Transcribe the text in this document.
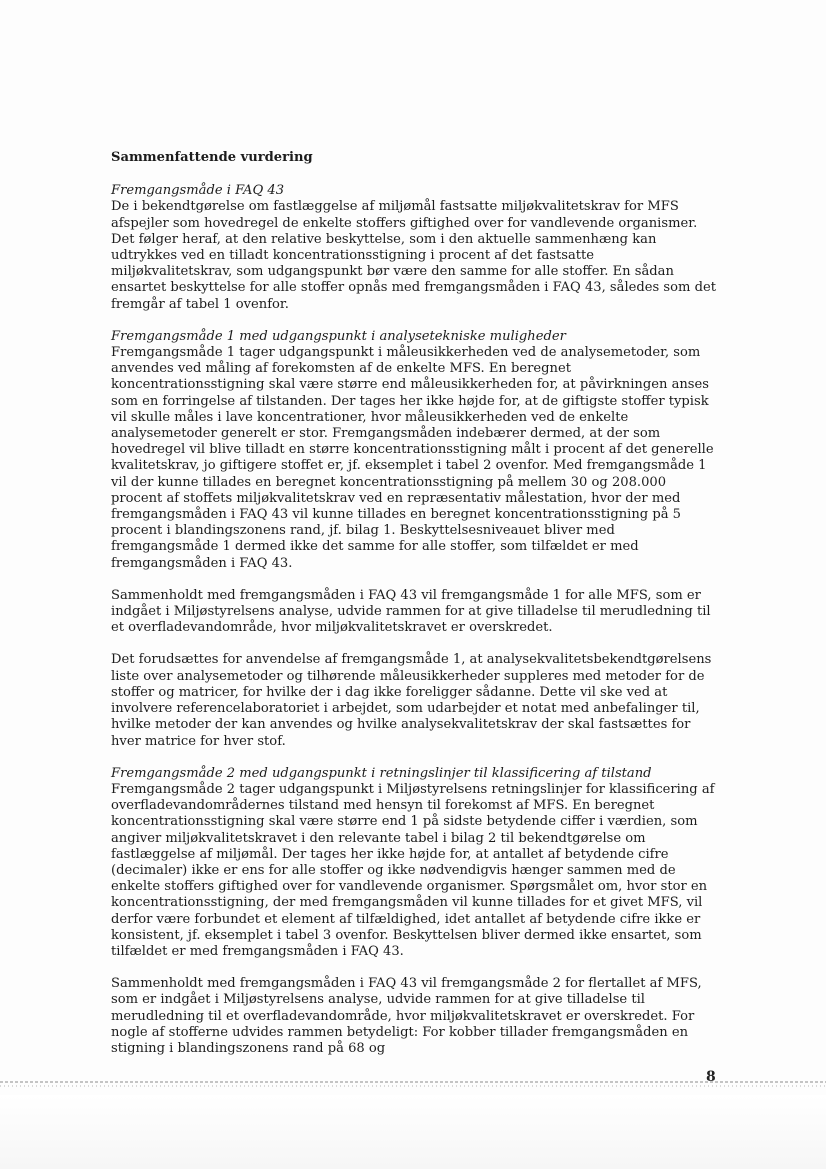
Sammenfattende vurdering
Fremgangsmåde i FAQ 43
De i bekendtgørelse om fastlæggelse af miljømål fastsatte miljøkvalitetskrav for MFS afspejler som hovedregel de enkelte stoffers giftighed over for vandlevende organismer. Det følger heraf, at den relative beskyttelse, som i den aktuelle sammenhæng kan udtrykkes ved en tilladt koncentrationsstigning i procent af det fastsatte miljøkvalitetskrav, som udgangspunkt bør være den samme for alle stoffer. En sådan ensartet beskyttelse for alle stoffer opnås med fremgangsmåden i FAQ 43, således som det fremgår af tabel 1 ovenfor.
Fremgangsmåde 1 med udgangspunkt i analysetekniske muligheder
Fremgangsmåde 1 tager udgangspunkt i måleusikkerheden ved de analysemetoder, som anvendes ved måling af forekomsten af de enkelte MFS. En beregnet koncentrationsstigning skal være større end måleusikkerheden for, at påvirkningen anses som en forringelse af tilstanden. Der tages her ikke højde for, at de giftigste stoffer typisk vil skulle måles i lave koncentrationer, hvor måleusikkerheden ved de enkelte analysemetoder generelt er stor. Fremgangsmåden indebærer dermed, at der som hovedregel vil blive tilladt en større koncentrationsstigning målt i procent af det generelle kvalitetskrav, jo giftigere stoffet er, jf. eksemplet i tabel 2 ovenfor. Med fremgangsmåde 1 vil der kunne tillades en beregnet koncentrationsstigning på mellem 30 og 208.000 procent af stoffets miljøkvalitetskrav ved en repræsentativ målestation, hvor der med fremgangsmåden i FAQ 43 vil kunne tillades en beregnet koncentrationsstigning på 5 procent i blandingszonens rand, jf. bilag 1. Beskyttelsesniveauet bliver med fremgangsmåde 1 dermed ikke det samme for alle stoffer, som tilfældet er med fremgangsmåden i FAQ 43.
Sammenholdt med fremgangsmåden i FAQ 43 vil fremgangsmåde 1 for alle MFS, som er indgået i Miljøstyrelsens analyse, udvide rammen for at give tilladelse til merudledning til et overfladevandområde, hvor miljøkvalitetskravet er overskredet.
Det forudsættes for anvendelse af fremgangsmåde 1, at analysekvalitetsbekendtgørelsens liste over analysemetoder og tilhørende måleusikkerheder suppleres med metoder for de stoffer og matricer, for hvilke der i dag ikke foreligger sådanne. Dette vil ske ved at involvere referencelaboratoriet i arbejdet, som udarbejder et notat med anbefalinger til, hvilke metoder der kan anvendes og hvilke analysekvalitetskrav der skal fastsættes for hver matrice for hver stof.
Fremgangsmåde 2 med udgangspunkt i retningslinjer til klassificering af tilstand
Fremgangsmåde 2 tager udgangspunkt i Miljøstyrelsens retningslinjer for klassificering af overfladevandområdernes tilstand med hensyn til forekomst af MFS. En beregnet koncentrationsstigning skal være større end 1 på sidste betydende ciffer i værdien, som angiver miljøkvalitetskravet i den relevante tabel i bilag 2 til bekendtgørelse om fastlæggelse af miljømål. Der tages her ikke højde for, at antallet af betydende cifre (decimaler) ikke er ens for alle stoffer og ikke nødvendigvis hænger sammen med de enkelte stoffers giftighed over for vandlevende organismer. Spørgsmålet om, hvor stor en koncentrationsstigning, der med fremgangsmåden vil kunne tillades for et givet MFS, vil derfor være forbundet et element af tilfældighed, idet antallet af betydende cifre ikke er konsistent, jf. eksemplet i tabel 3 ovenfor. Beskyttelsen bliver dermed ikke ensartet, som tilfældet er med fremgangsmåden i FAQ 43.
Sammenholdt med fremgangsmåden i FAQ 43 vil fremgangsmåde 2 for flertallet af MFS, som er indgået i Miljøstyrelsens analyse, udvide rammen for at give tilladelse til merudledning til et overfladevandområde, hvor miljøkvalitetskravet er overskredet. For nogle af stofferne udvides rammen betydeligt: For kobber tillader fremgangsmåden en stigning i blandingszonens rand på 68 og
8
